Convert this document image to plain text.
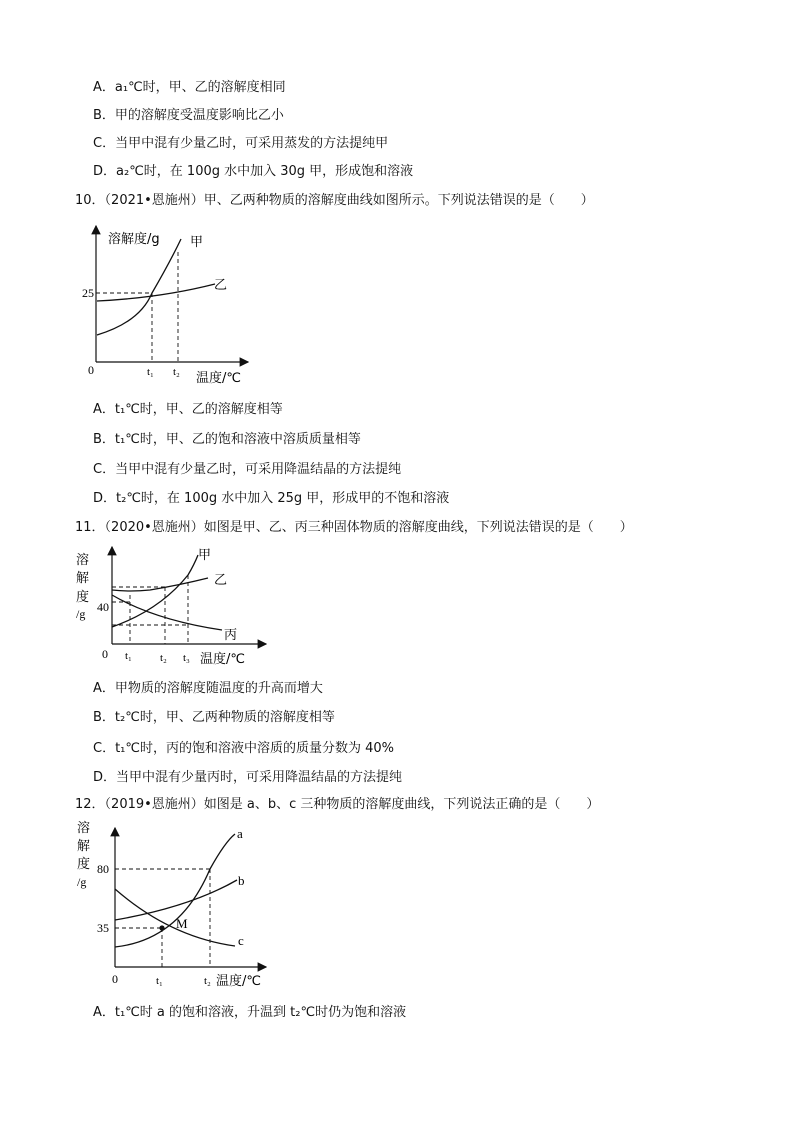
A．a₁℃时，甲、乙的溶解度相同
B．甲的溶解度受温度影响比乙小
C．当甲中混有少量乙时，可采用蒸发的方法提纯甲
D．a₂℃时，在 100g 水中加入 30g 甲，形成饱和溶液
10．（2021•恩施州）甲、乙两种物质的溶解度曲线如图所示。下列说法错误的是（　　）
溶解度/g 甲
乙
25
0	t₁ t₂ 温度/℃
A．t₁℃时，甲、乙的溶解度相等
B．t₁℃时，甲、乙的饱和溶液中溶质质量相等
C．当甲中混有少量乙时，可采用降温结晶的方法提纯
D．t₂℃时，在 100g 水中加入 25g 甲，形成甲的不饱和溶液
11．（2020•恩施州）如图是甲、乙、丙三种固体物质的溶解度曲线，下列说法错误的是（　　）
甲
乙
丙
溶
解
度
/g 40
0 t₁	t₂ t₃ 温度/℃
A．甲物质的溶解度随温度的升高而增大
B．t₂℃时，甲、乙两种物质的溶解度相等
C．t₁℃时，丙的饱和溶液中溶质的质量分数为 40%
D．当甲中混有少量丙时，可采用降温结晶的方法提纯
12．（2019•恩施州）如图是 a、b、c 三种物质的溶解度曲线，下列说法正确的是（　　）
a
b
c
M
溶
解
度
/g
80
35
0	t₁	t₂ 温度/℃
A．t₁℃时 a 的饱和溶液，升温到 t₂℃时仍为饱和溶液
